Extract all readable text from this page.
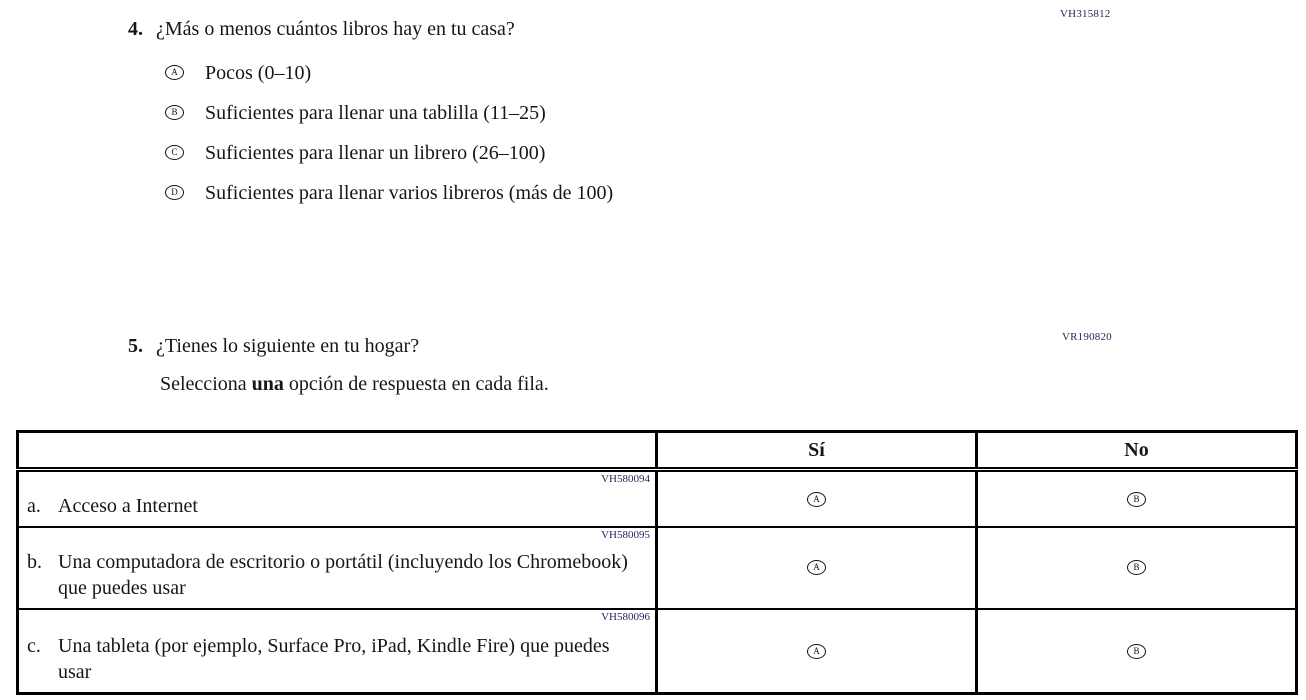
VH315812
4. ¿Más o menos cuántos libros hay en tu casa?
A Pocos (0–10)
B Suficientes para llenar una tablilla (11–25)
C Suficientes para llenar un librero (26–100)
D Suficientes para llenar varios libreros (más de 100)
VR190820
5. ¿Tienes lo siguiente en tu hogar?
Selecciona una opción de respuesta en cada fila.
	Sí	No

VH580094
a. Acceso a Internet	A	B

VH580095
b. Una computadora de escritorio o portátil (incluyendo los Chromebook) que puedes usar	A	B

VH580096
c. Una tableta (por ejemplo, Surface Pro, iPad, Kindle Fire) que puedes usar	A	B
